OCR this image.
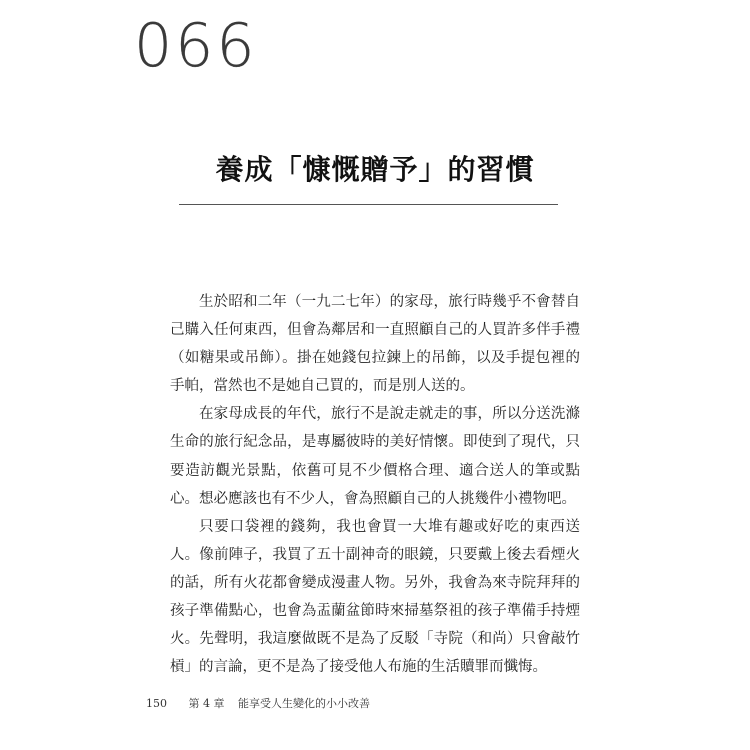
066
養成「慷慨贈予」的習慣

生於昭和二年（一九二七年）的家母，旅行時幾乎不會替自己購入任何東西，但會為鄰居和一直照顧自己的人買許多伴手禮（如糖果或吊飾）。掛在她錢包拉鍊上的吊飾，以及手提包裡的手帕，當然也不是她自己買的，而是別人送的。

在家母成長的年代，旅行不是說走就走的事，所以分送洗滌生命的旅行紀念品，是專屬彼時的美好情懷。即使到了現代，只要造訪觀光景點，依舊可見不少價格合理、適合送人的筆或點心。想必應該也有不少人，會為照顧自己的人挑幾件小禮物吧。

只要口袋裡的錢夠，我也會買一大堆有趣或好吃的東西送人。像前陣子，我買了五十副神奇的眼鏡，只要戴上後去看煙火的話，所有火花都會變成漫畫人物。另外，我會為來寺院拜拜的孩子準備點心，也會為盂蘭盆節時來掃墓祭祖的孩子準備手持煙火。先聲明，我這麼做既不是為了反駁「寺院（和尚）只會敲竹槓」的言論，更不是為了接受他人布施的生活贖罪而懺悔。

150 第 4 章 能享受人生變化的小小改善
